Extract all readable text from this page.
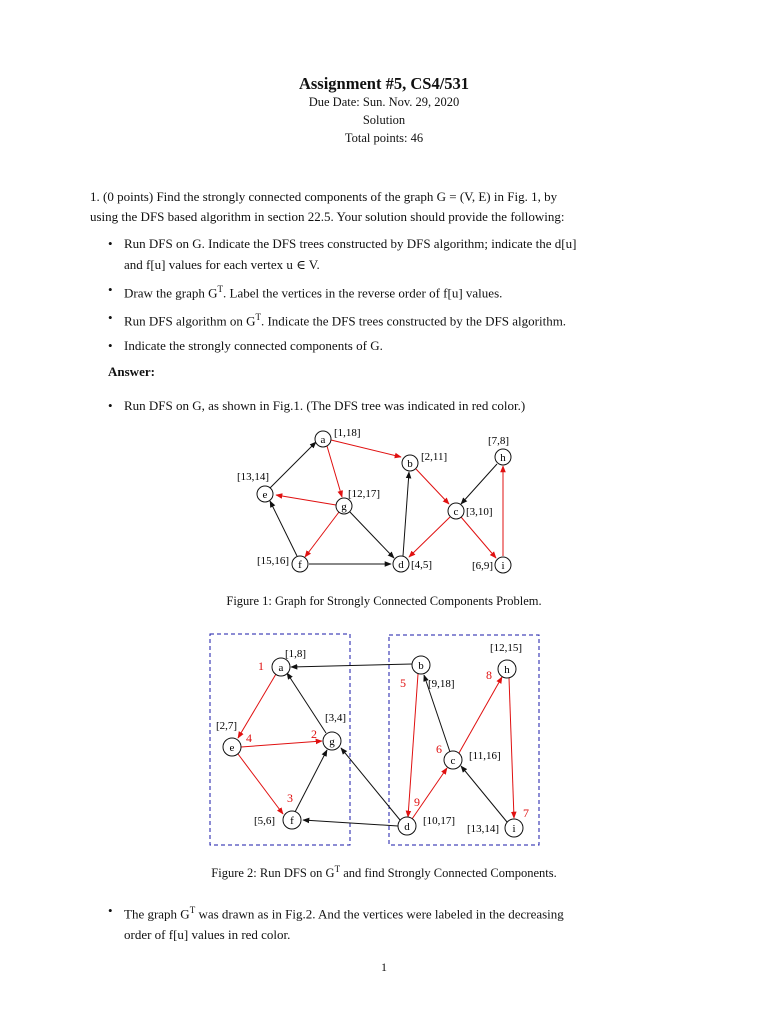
Assignment #5, CS4/531
Due Date: Sun. Nov. 29, 2020
Solution
Total points: 46
1. (0 points) Find the strongly connected components of the graph G = (V, E) in Fig. 1, by
using the DFS based algorithm in section 22.5. Your solution should provide the following:
• Run DFS on G. Indicate the DFS trees constructed by DFS algorithm; indicate the d[u]
and f[u] values for each vertex u ∈ V.
• Draw the graph $G^T$. Label the vertices in the reverse order of f[u] values.
• Run DFS algorithm on $G^T$. Indicate the DFS trees constructed by the DFS algorithm.
• Indicate the strongly connected components of G.
Answer:
• Run DFS on G, as shown in Fig.1. (The DFS tree was indicated in red color.)
a
[1,18]
b
[2,11]	h
[7,8]
e
[13,14]
g
[12,17]
c [3,10]
f
[15,16]	d [4,5]	i
[6,9]
Figure 1: Graph for Strongly Connected Components Problem.
a
[1,8]
1	b
[9,18]
5
h
[12,15]
8
e
[2,7]
4	g
[3,4]
2
c [11,16]
6
f
[5,6]
3
d [10,17]
9
i
[13,14]
7
Figure 2: Run DFS on $G^T$ and find Strongly Connected Components.
• The graph $G^T$ was drawn as in Fig.2. And the vertices were labeled in the decreasing
order of f[u] values in red color.
1
